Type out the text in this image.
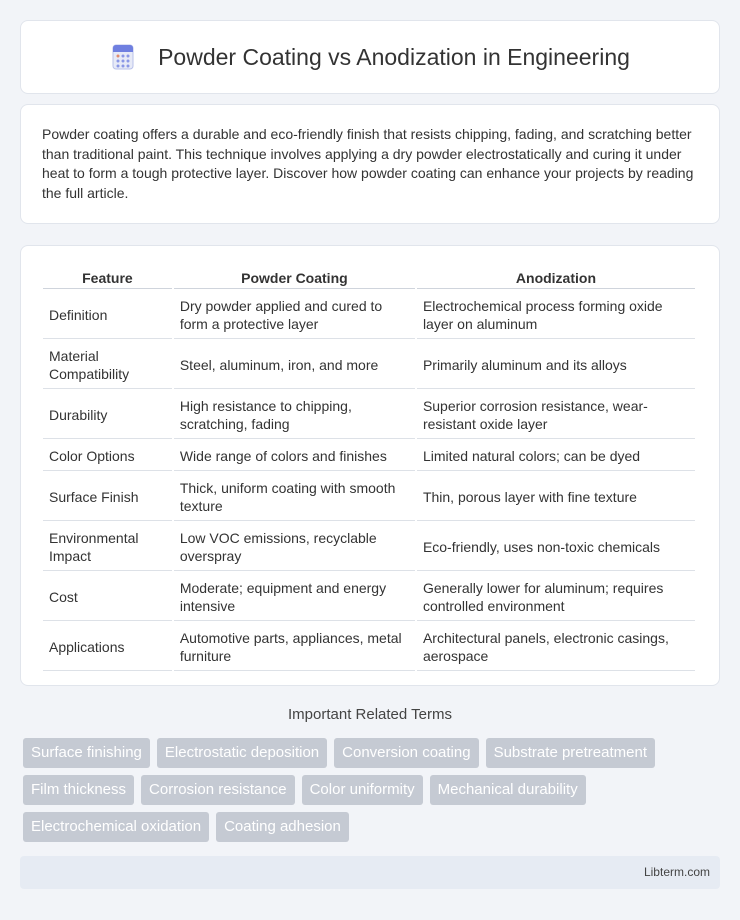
Powder Coating vs Anodization in Engineering

Powder coating offers a durable and eco-friendly finish that resists chipping, fading, and scratching better than traditional paint. This technique involves applying a dry powder electrostatically and curing it under heat to form a tough protective layer. Discover how powder coating can enhance your projects by reading the full article.

Feature	Powder Coating	Anodization
Definition	Dry powder applied and cured to form a protective layer	Electrochemical process forming oxide layer on aluminum
Material Compatibility	Steel, aluminum, iron, and more	Primarily aluminum and its alloys
Durability	High resistance to chipping, scratching, fading	Superior corrosion resistance, wear-resistant oxide layer
Color Options	Wide range of colors and finishes	Limited natural colors; can be dyed
Surface Finish	Thick, uniform coating with smooth texture	Thin, porous layer with fine texture
Environmental Impact	Low VOC emissions, recyclable overspray	Eco-friendly, uses non-toxic chemicals
Cost	Moderate; equipment and energy intensive	Generally lower for aluminum; requires controlled environment
Applications	Automotive parts, appliances, metal furniture	Architectural panels, electronic casings, aerospace
Important Related Terms
Surface finishing	Electrostatic deposition	Conversion coating	Substrate pretreatment
Film thickness	Corrosion resistance	Color uniformity	Mechanical durability
Electrochemical oxidation	Coating adhesion
Libterm.com
